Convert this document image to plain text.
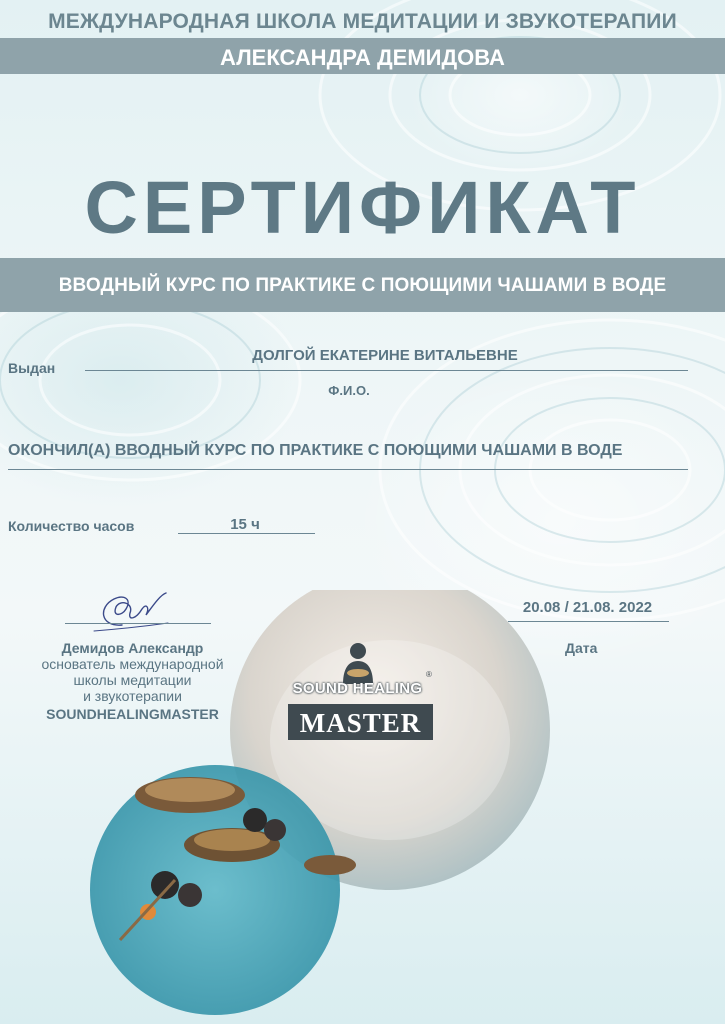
МЕЖДУНАРОДНАЯ ШКОЛА МЕДИТАЦИИ И ЗВУКОТЕРАПИИ
АЛЕКСАНДРА ДЕМИДОВА
СЕРТИФИКАТ
ВВОДНЫЙ КУРС ПО ПРАКТИКЕ С ПОЮЩИМИ ЧАШАМИ В ВОДЕ
Выдан
ДОЛГОЙ ЕКАТЕРИНЕ ВИТАЛЬЕВНЕ
Ф.И.О.
ОКОНЧИЛ(А) ВВОДНЫЙ КУРС ПО ПРАКТИКЕ С ПОЮЩИМИ ЧАШАМИ В ВОДЕ
Количество часов	15 ч
20.08 / 21.08. 2022
Дата
Демидов Александр
основатель международной
школы медитации
и звукотерапии
SOUNDHEALINGMASTER
SOUND HEALING
®
MASTER
